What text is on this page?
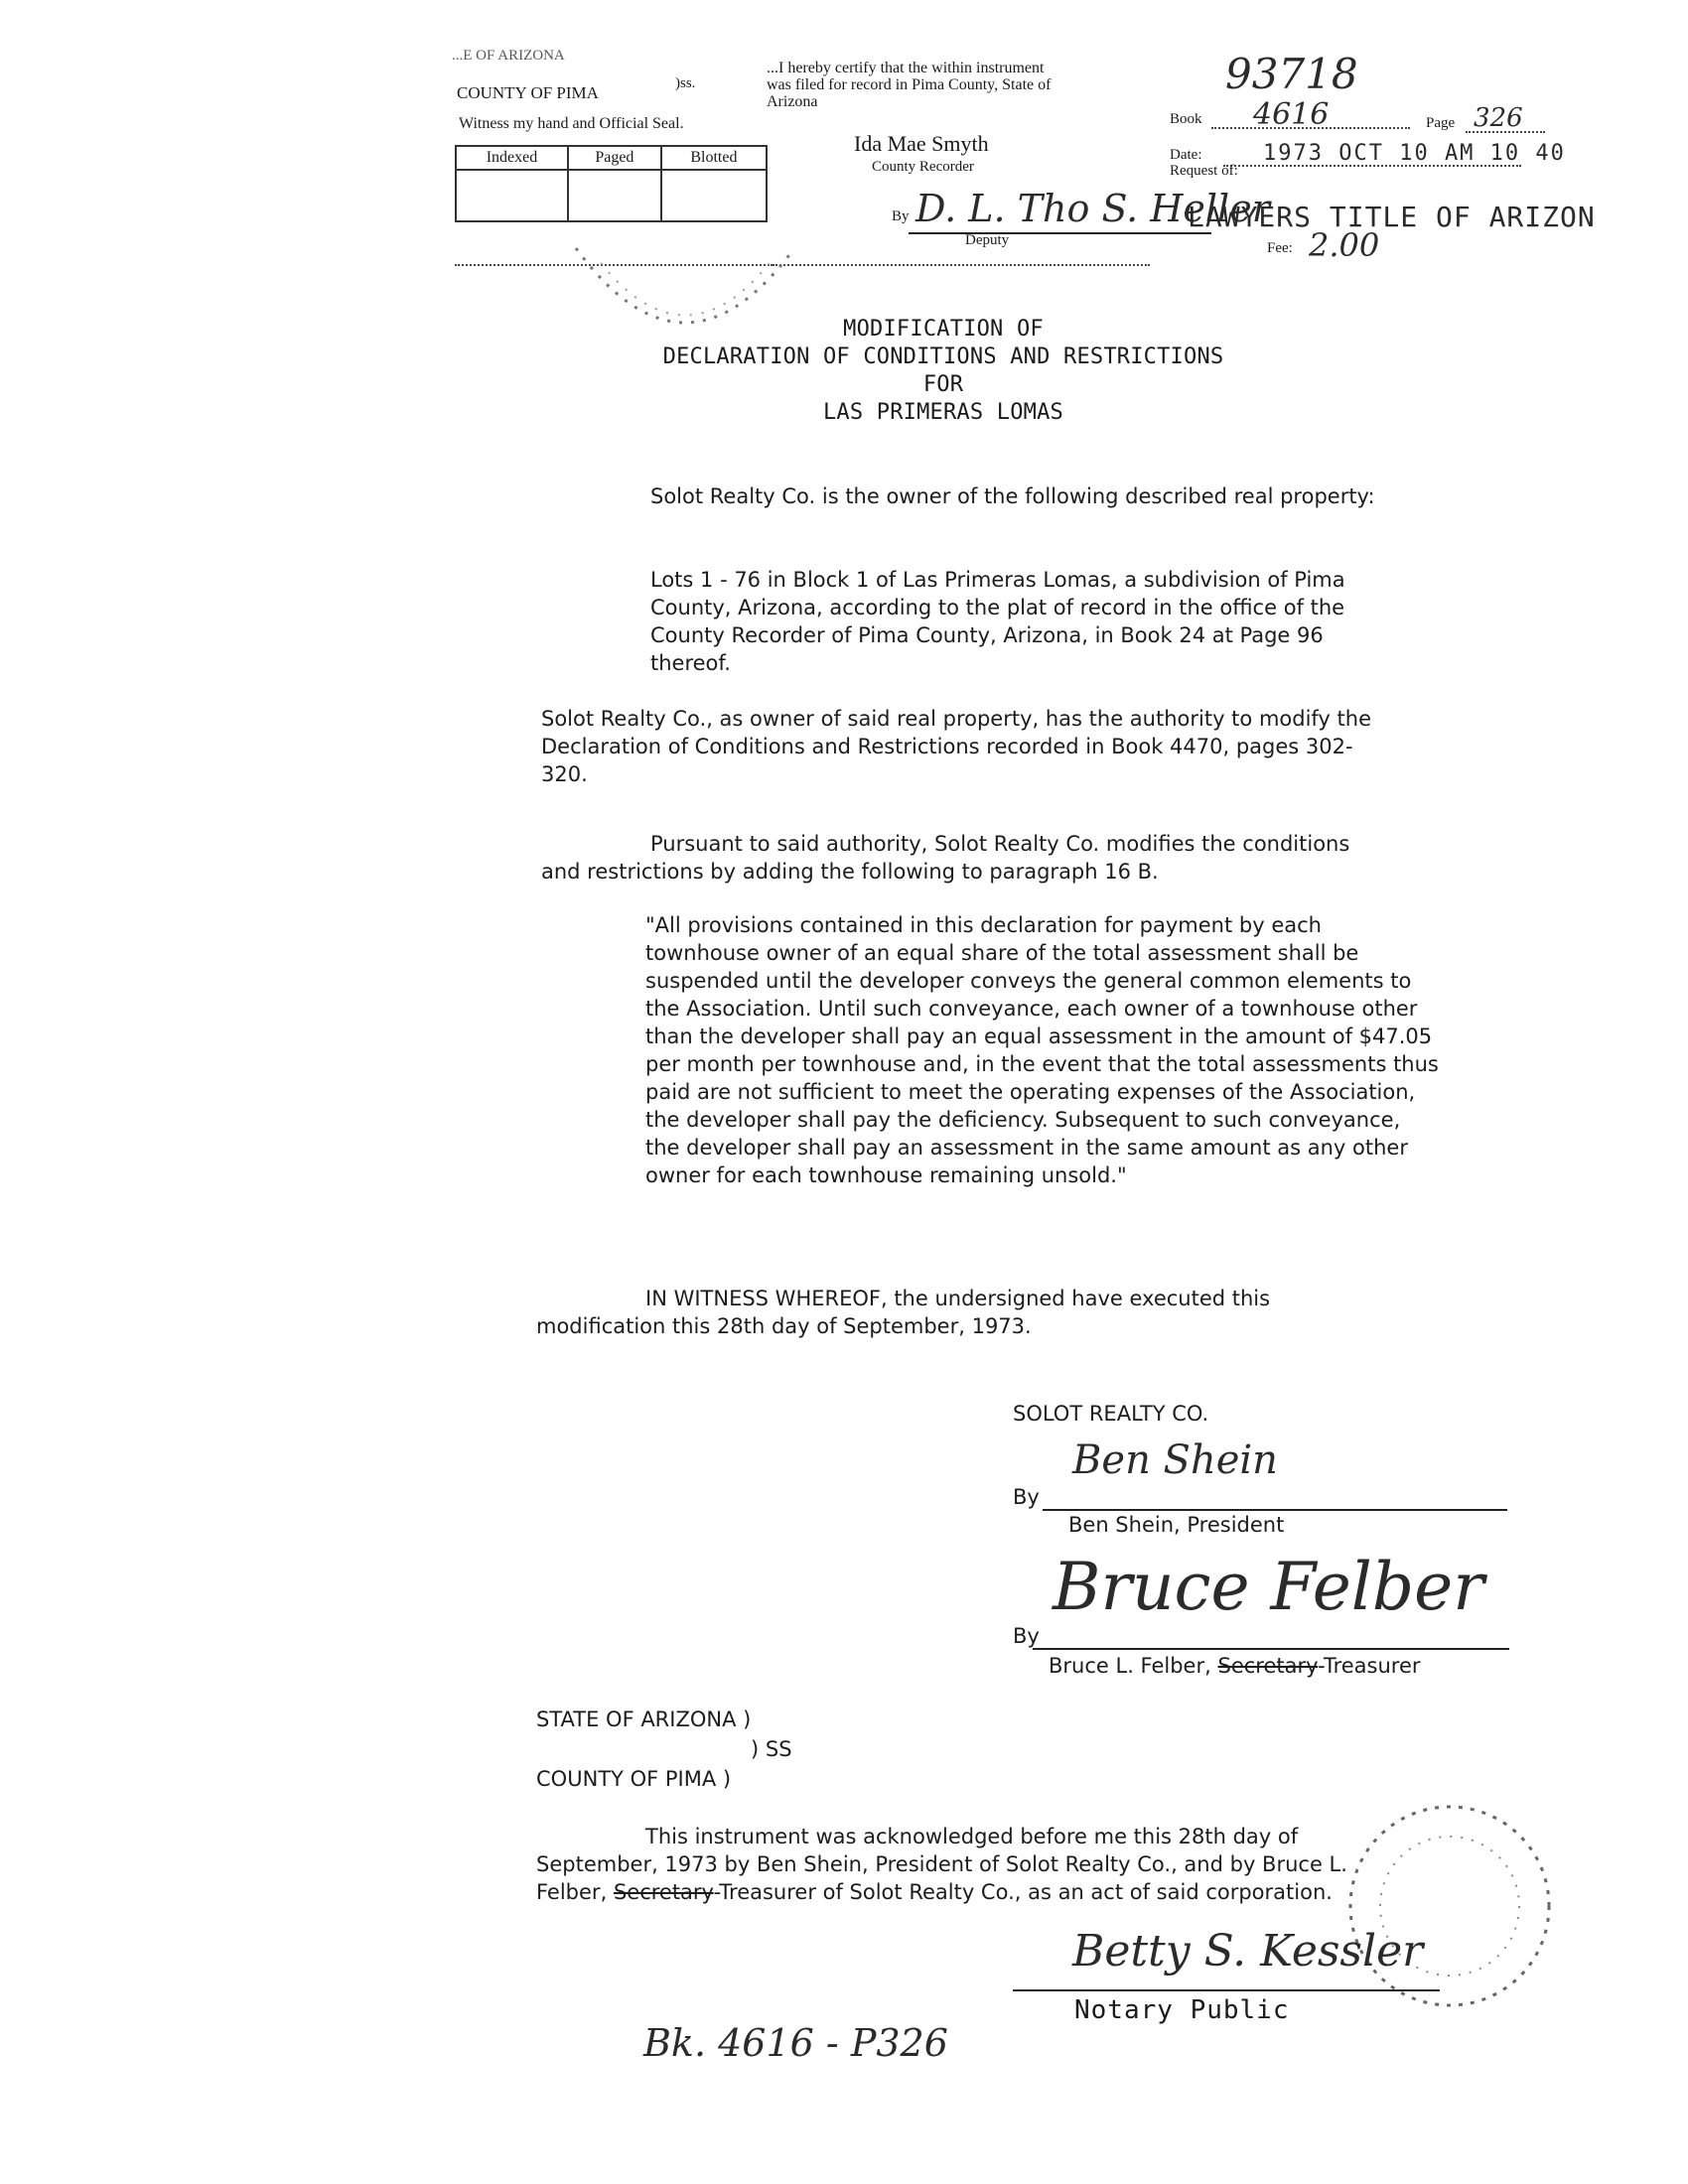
...E OF ARIZONA
COUNTY OF PIMA	)ss.
Witness my hand and Official Seal.
Indexed	Paged	Blotted

...I hereby certify that the within instrument was filed for record in Pima County, State of Arizona
Ida Mae Smyth
County Recorder
By D. L. Tho S. Heller
Deputy
93718
Book 4616	Page 326
Date:	1973 OCT 10 AM 10 40
Request of:
LAWYERS TITLE OF ARIZON
Fee: 2.00
MODIFICATION OF
DECLARATION OF CONDITIONS AND RESTRICTIONS
FOR
LAS PRIMERAS LOMAS

Solot Realty Co. is the owner of the following described real property:

Lots 1 - 76 in Block 1 of Las Primeras Lomas, a subdivision of Pima County, Arizona, according to the plat of record in the office of the County Recorder of Pima County, Arizona, in Book 24 at Page 96 thereof.

Solot Realty Co., as owner of said real property, has the authority to modify the Declaration of Conditions and Restrictions recorded in Book 4470, pages 302-320.

Pursuant to said authority, Solot Realty Co. modifies the conditions and restrictions by adding the following to paragraph 16 B.

"All provisions contained in this declaration for payment by each townhouse owner of an equal share of the total assessment shall be suspended until the developer conveys the general common elements to the Association. Until such conveyance, each owner of a townhouse other than the developer shall pay an equal assessment in the amount of $47.05 per month per townhouse and, in the event that the total assessments thus paid are not sufficient to meet the operating expenses of the Association, the developer shall pay the deficiency. Subsequent to such conveyance, the developer shall pay an assessment in the same amount as any other owner for each townhouse remaining unsold."

IN WITNESS WHEREOF, the undersigned have executed this modification this 28th day of September, 1973.

SOLOT REALTY CO.
By
Ben Shein
Ben Shein, President
By
Bruce Felber
Bruce L. Felber, Secretary-Treasurer
STATE OF ARIZONA )
) SS
COUNTY OF PIMA )

This instrument was acknowledged before me this 28th day of September, 1973 by Ben Shein, President of Solot Realty Co., and by Bruce L. Felber, Secretary-Treasurer of Solot Realty Co., as an act of said corporation.

Betty S. Kessler
Notary Public
Bk. 4616 - P326
